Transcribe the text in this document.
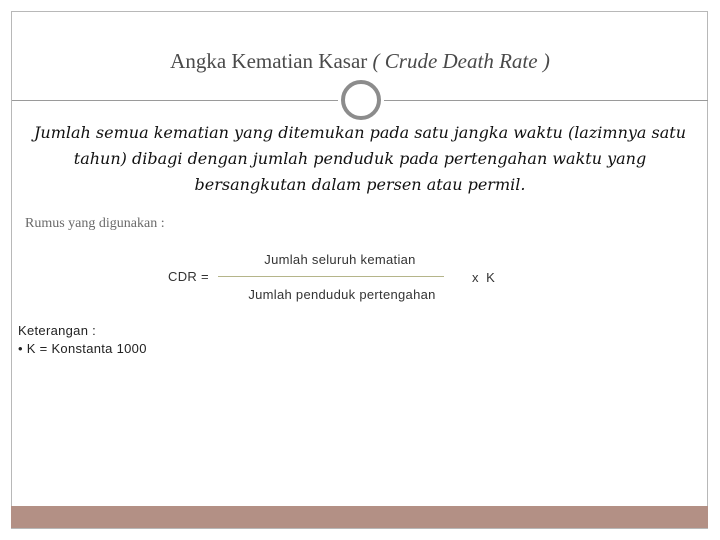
Angka Kematian Kasar ( Crude Death Rate )
Jumlah semua kematian yang ditemukan pada satu jangka waktu (lazimnya satu tahun) dibagi dengan jumlah penduduk pada pertengahan waktu yang bersangkutan dalam persen atau permil.
Rumus yang digunakan :
CDR =
Jumlah seluruh kematian
Jumlah penduduk pertengahan
x K
Keterangan :
• K = Konstanta 1000
